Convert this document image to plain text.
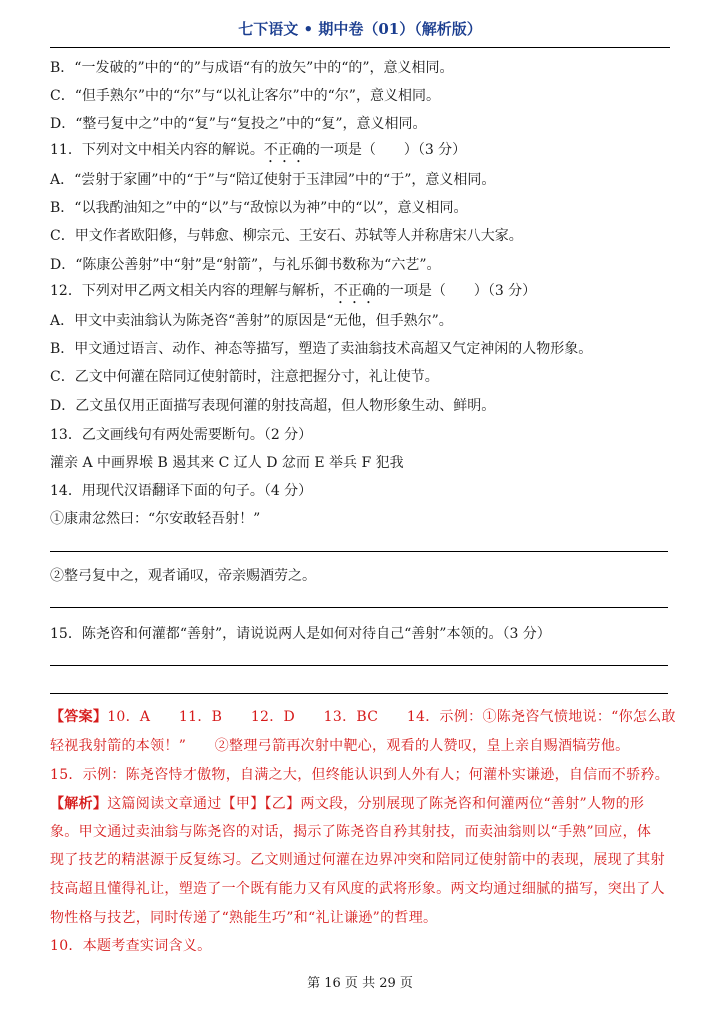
七下语文 • 期中卷（01）（解析版）
B．“一发破的”中的“的”与成语“有的放矢”中的“的”，意义相同。
C．“但手熟尔”中的“尔”与“以礼让客尔”中的“尔”，意义相同。
D．“整弓复中之”中的“复”与“复投之”中的“复”，意义相同。
11．下列对文中相关内容的解说。不正确的一项是（　　）（3 分）
A．“尝射于家圃”中的“于”与“陪辽使射于玉津园”中的“于”，意义相同。
B．“以我酌油知之”中的“以”与“敌惊以为神”中的“以”，意义相同。
C．甲文作者欧阳修，与韩愈、柳宗元、王安石、苏轼等人并称唐宋八大家。
D．“陈康公善射”中“射”是“射箭”，与礼乐御书数称为“六艺”。
12．下列对甲乙两文相关内容的理解与解析，不正确的一项是（　　）（3 分）
A．甲文中卖油翁认为陈尧咨“善射”的原因是“无他，但手熟尔”。
B．甲文通过语言、动作、神态等描写，塑造了卖油翁技术高超又气定神闲的人物形象。
C．乙文中何灌在陪同辽使射箭时，注意把握分寸，礼让使节。
D．乙文虽仅用正面描写表现何灌的射技高超，但人物形象生动、鲜明。
13．乙文画线句有两处需要断句。（2 分）
灌亲 A 中画界堠 B 遏其来 C 辽人 D 忿而 E 举兵 F 犯我
14．用现代汉语翻译下面的句子。（4 分）
①康肃忿然曰：“尔安敢轻吾射！”
②整弓复中之，观者诵叹，帝亲赐酒劳之。
15．陈尧咨和何灌都“善射”，请说说两人是如何对待自己“善射”本领的。（3 分）
【答案】10．A　　11．B　　12．D　　13．BC　　14．示例：①陈尧咨气愤地说：“你怎么敢
轻视我射箭的本领！”　　②整理弓箭再次射中靶心，观看的人赞叹，皇上亲自赐酒犒劳他。
15．示例：陈尧咨恃才傲物，自满之大，但终能认识到人外有人；何灌朴实谦逊，自信而不骄矜。
【解析】这篇阅读文章通过【甲】【乙】两文段，分别展现了陈尧咨和何灌两位“善射”人物的形
象。甲文通过卖油翁与陈尧咨的对话，揭示了陈尧咨自矜其射技，而卖油翁则以“手熟”回应，体
现了技艺的精湛源于反复练习。乙文则通过何灌在边界冲突和陪同辽使射箭中的表现，展现了其射
技高超且懂得礼让，塑造了一个既有能力又有风度的武将形象。两文均通过细腻的描写，突出了人
物性格与技艺，同时传递了“熟能生巧”和“礼让谦逊”的哲理。
10．本题考查实词含义。
第 16 页 共 29 页
